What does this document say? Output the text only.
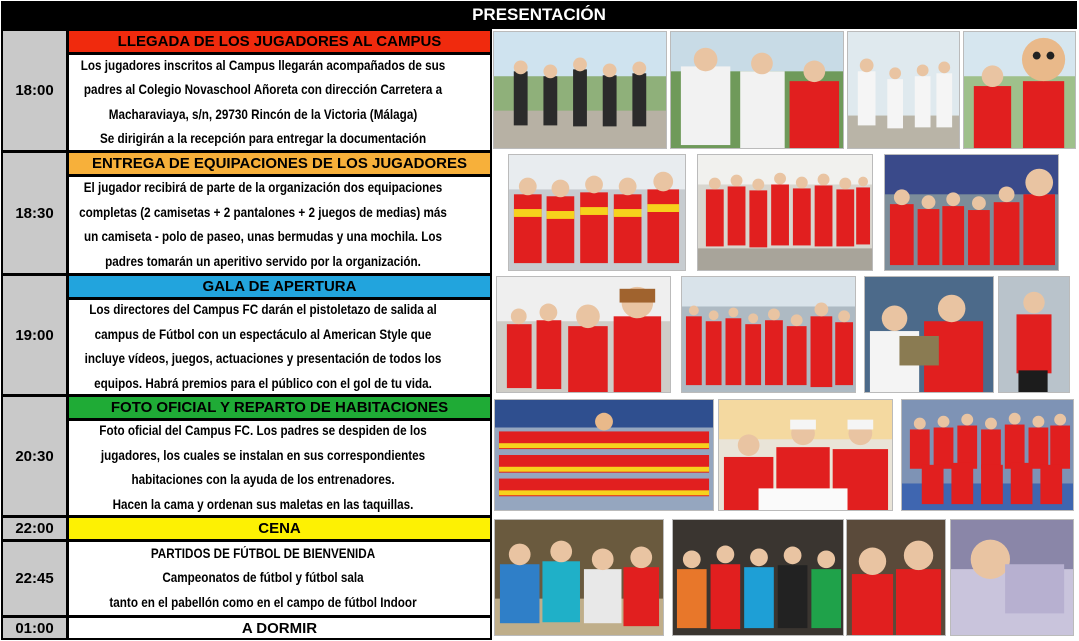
PRESENTACIÓN
18:00
LLEGADA DE LOS JUGADORES AL CAMPUS
Los jugadores inscritos al Campus llegarán acompañados de sus
padres al Colegio Novaschool Añoreta con dirección Carretera a
Macharaviaya, s/n, 29730 Rincón de la Victoria (Málaga)
Se dirigirán a la recepción para entregar la documentación
18:30
ENTREGA DE EQUIPACIONES DE LOS JUGADORES
El jugador recibirá de parte de la organización dos equipaciones
completas (2 camisetas + 2 pantalones + 2 juegos de medias) más
un camiseta - polo de paseo, unas bermudas y una mochila. Los
padres tomarán un aperitivo servido por la organización.
19:00
GALA DE APERTURA
Los directores del Campus FC darán el pistoletazo de salida al
campus de Fútbol con un espectáculo al American Style que
incluye vídeos, juegos, actuaciones y presentación de todos los
equipos. Habrá premios para el público con el gol de tu vida.
20:30
FOTO OFICIAL Y REPARTO DE HABITACIONES
Foto oficial del Campus FC. Los padres se despiden de los
jugadores, los cuales se instalan en sus correspondientes
habitaciones con la ayuda de los entrenadores.
Hacen la cama y ordenan sus maletas en las taquillas.
22:00	CENA
22:45
PARTIDOS DE FÚTBOL DE BIENVENIDA
Campeonatos de fútbol y fútbol sala
tanto en el pabellón como en el campo de fútbol Indoor
01:00	A DORMIR
